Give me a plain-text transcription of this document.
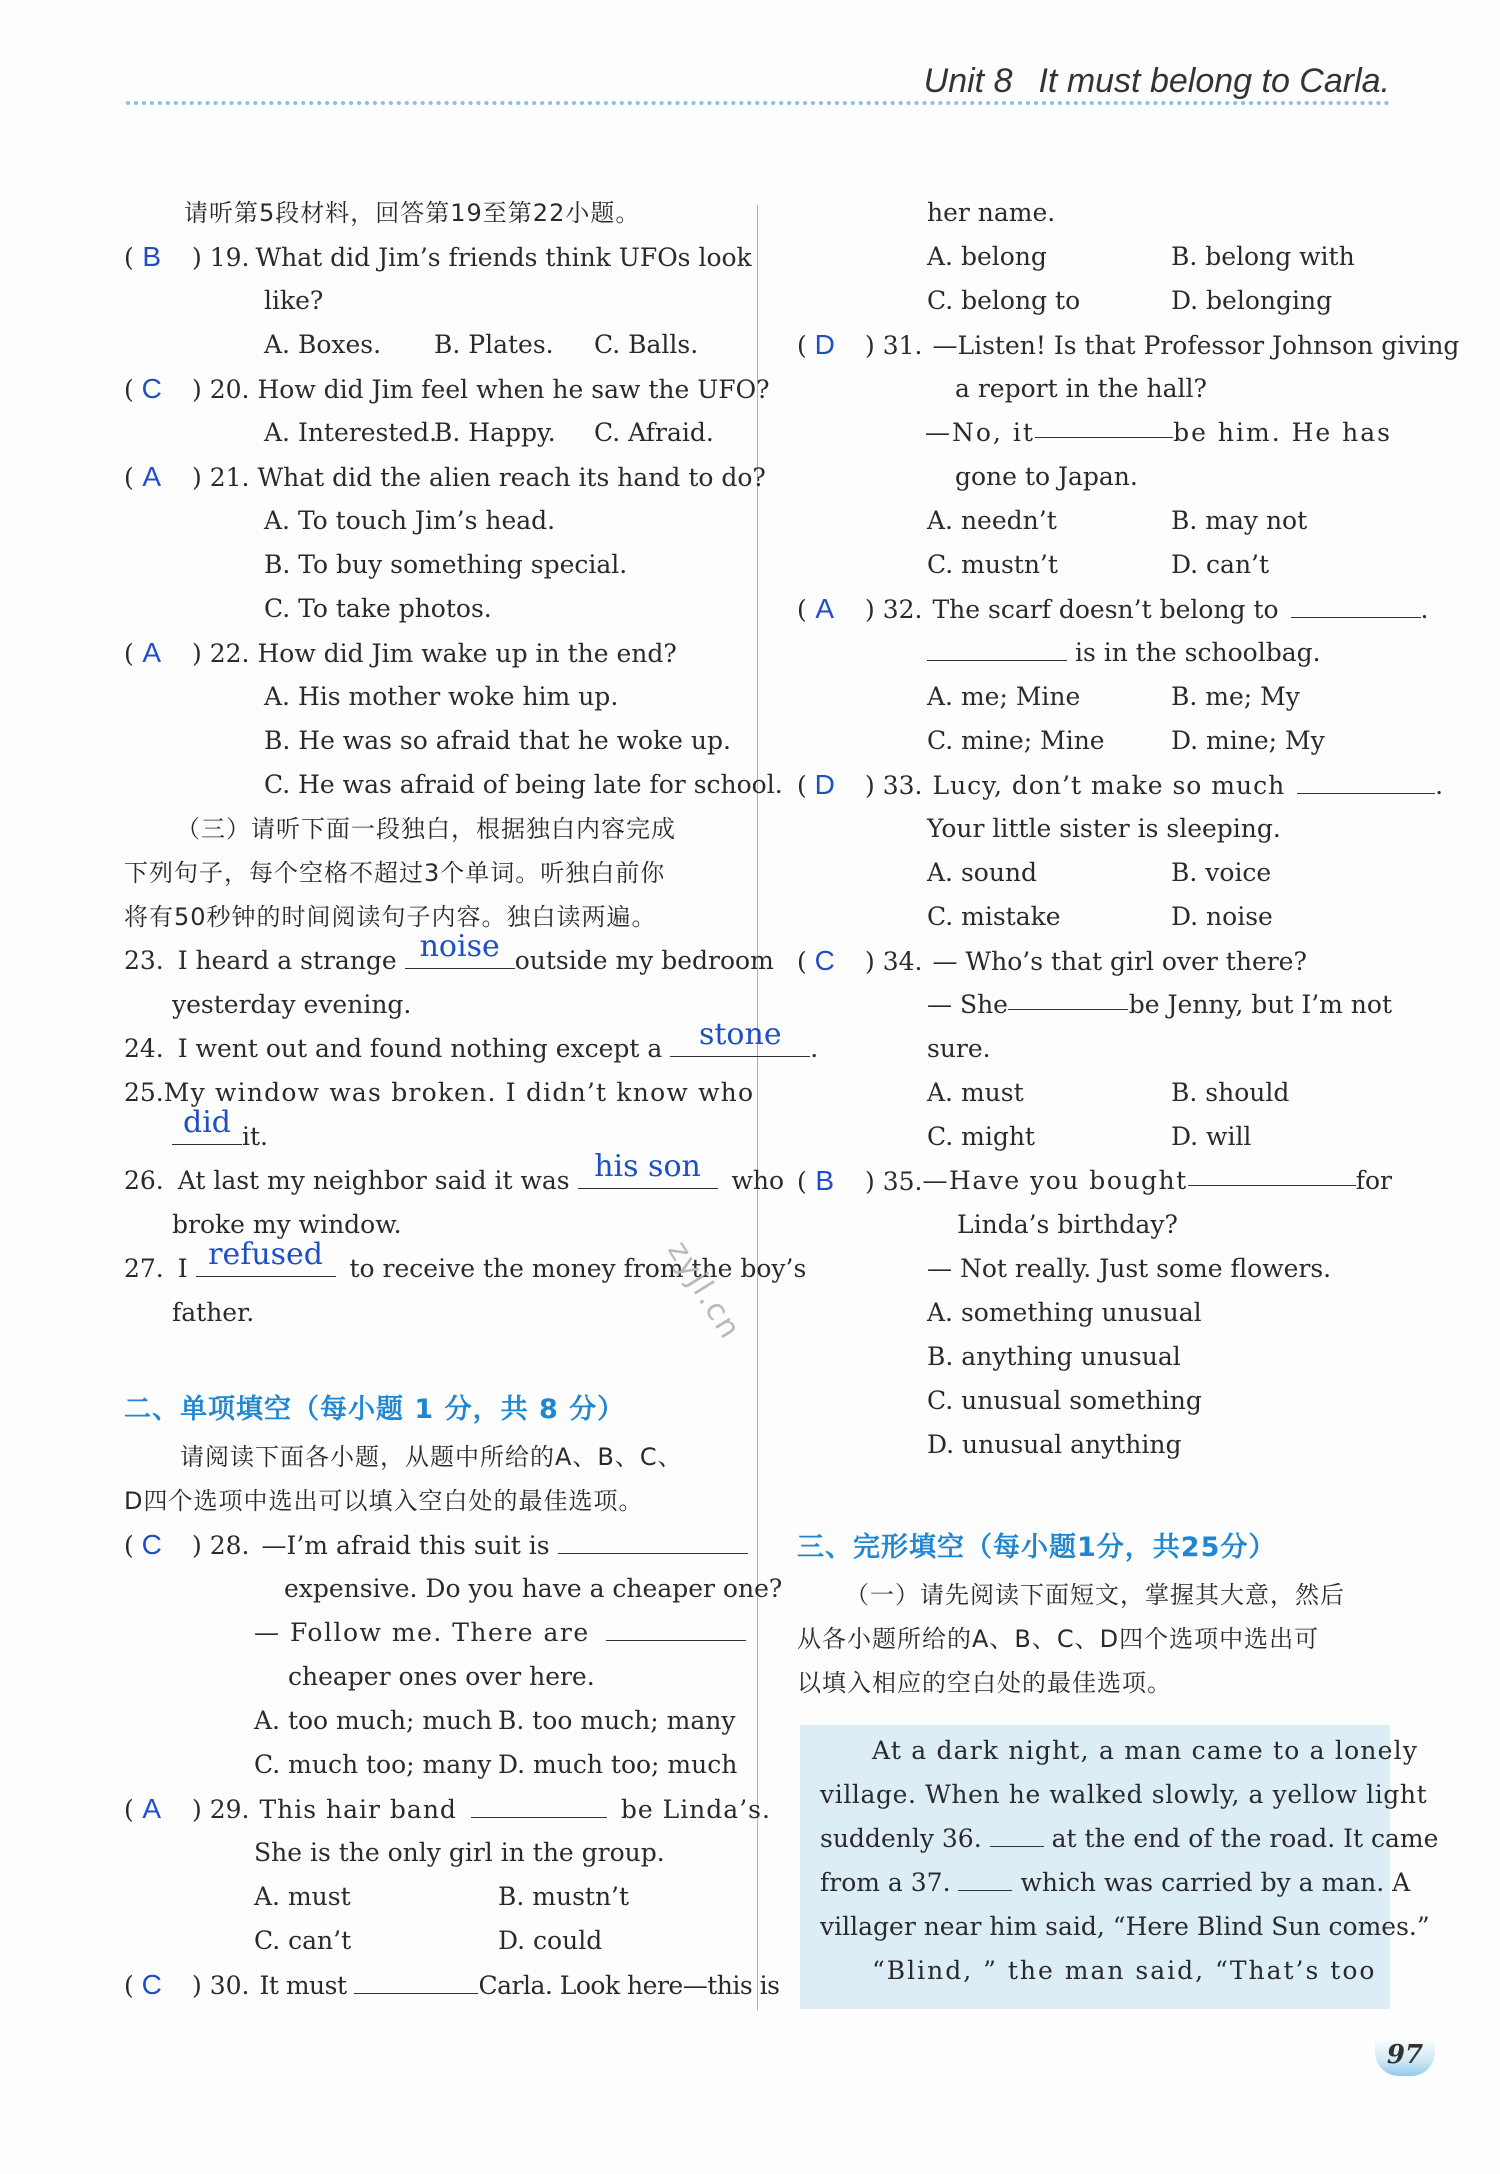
Unit 8 It must belong to Carla.
请听第5段材料，回答第19至第22小题。
( B ) 19. What did Jim’s friends think UFOs look
like?
A. Boxes. B. Plates. C. Balls.
( C ) 20. How did Jim feel when he saw the UFO?
A. Interested.
B. Happy. C. Afraid.
( A ) 21. What did the alien reach its hand to do?
A. To touch Jim’s head.
B. To buy something special.
C. To take photos.
( A ) 22. How did Jim wake up in the end?
A. His mother woke him up.
B. He was so afraid that he woke up.
C. He was afraid of being late for school.
（三）请听下面一段独白，根据独白内容完成
下列句子，每个空格不超过3个单词。听独白前你
将有50秒钟的时间阅读句子内容。独白读两遍。
23. I heard a strange noise outside my bedroom
yesterday evening.
24. I went out and found nothing except a	stone	.
25. My window was broken. I didn’t know who
did it.
26. At last my neighbor said it was his son	who
broke my window.
27. I refused	to receive the money from the boy’s
father.
二、单项填空（每小题 1 分，共 8 分）
请阅读下面各小题，从题中所给的A、B、C、
D四个选项中选出可以填入空白处的最佳选项。
( C ) 28. —I’m afraid this suit is
expensive. Do you have a cheaper one?
— Follow me. There are
cheaper ones over here.
A. too much; much B. too much; many
C. much too; many D. much too; much
( A ) 29. This hair band	be Linda’s.
She is the only girl in the group.
A. must	B. mustn’t
C. can’t	D. could
( C ) 30. It must	Carla. Look here—this is
her name.
A. belong	B. belong with
C. belong to	D. belonging
( D ) 31. —Listen! Is that Professor Johnson giving
a report in the hall?
—No, it	be him. He has
gone to Japan.
A. needn’t	B. may not
C. mustn’t	D. can’t
( A ) 32. The scarf doesn’t belong to	.
is in the schoolbag.
A. me; Mine	B. me; My
C. mine; Mine	D. mine; My
( D ) 33. Lucy, don’t make so much	.
Your little sister is sleeping.
A. sound	B. voice
C. mistake	D. noise
( C ) 34. — Who’s that girl over there?
— She	be Jenny, but I’m not
sure.
A. must	B. should
C. might	D. will
( B ) 35. —Have you bought	for
Linda’s birthday?
— Not really. Just some flowers.
A. something unusual
B. anything unusual
C. unusual something
D. unusual anything
三、完形填空（每小题1分，共25分）
（一）请先阅读下面短文，掌握其大意，然后
从各小题所给的A、B、C、D四个选项中选出可
以填入相应的空白处的最佳选项。
At a dark night, a man came to a lonely
village. When he walked slowly, a yellow light
suddenly 36.	at the end of the road. It came
from a 37.	which was carried by a man. A
villager near him said, “Here Blind Sun comes.”
“Blind, ” the man said, “That’s too
zyjl.cn
97
